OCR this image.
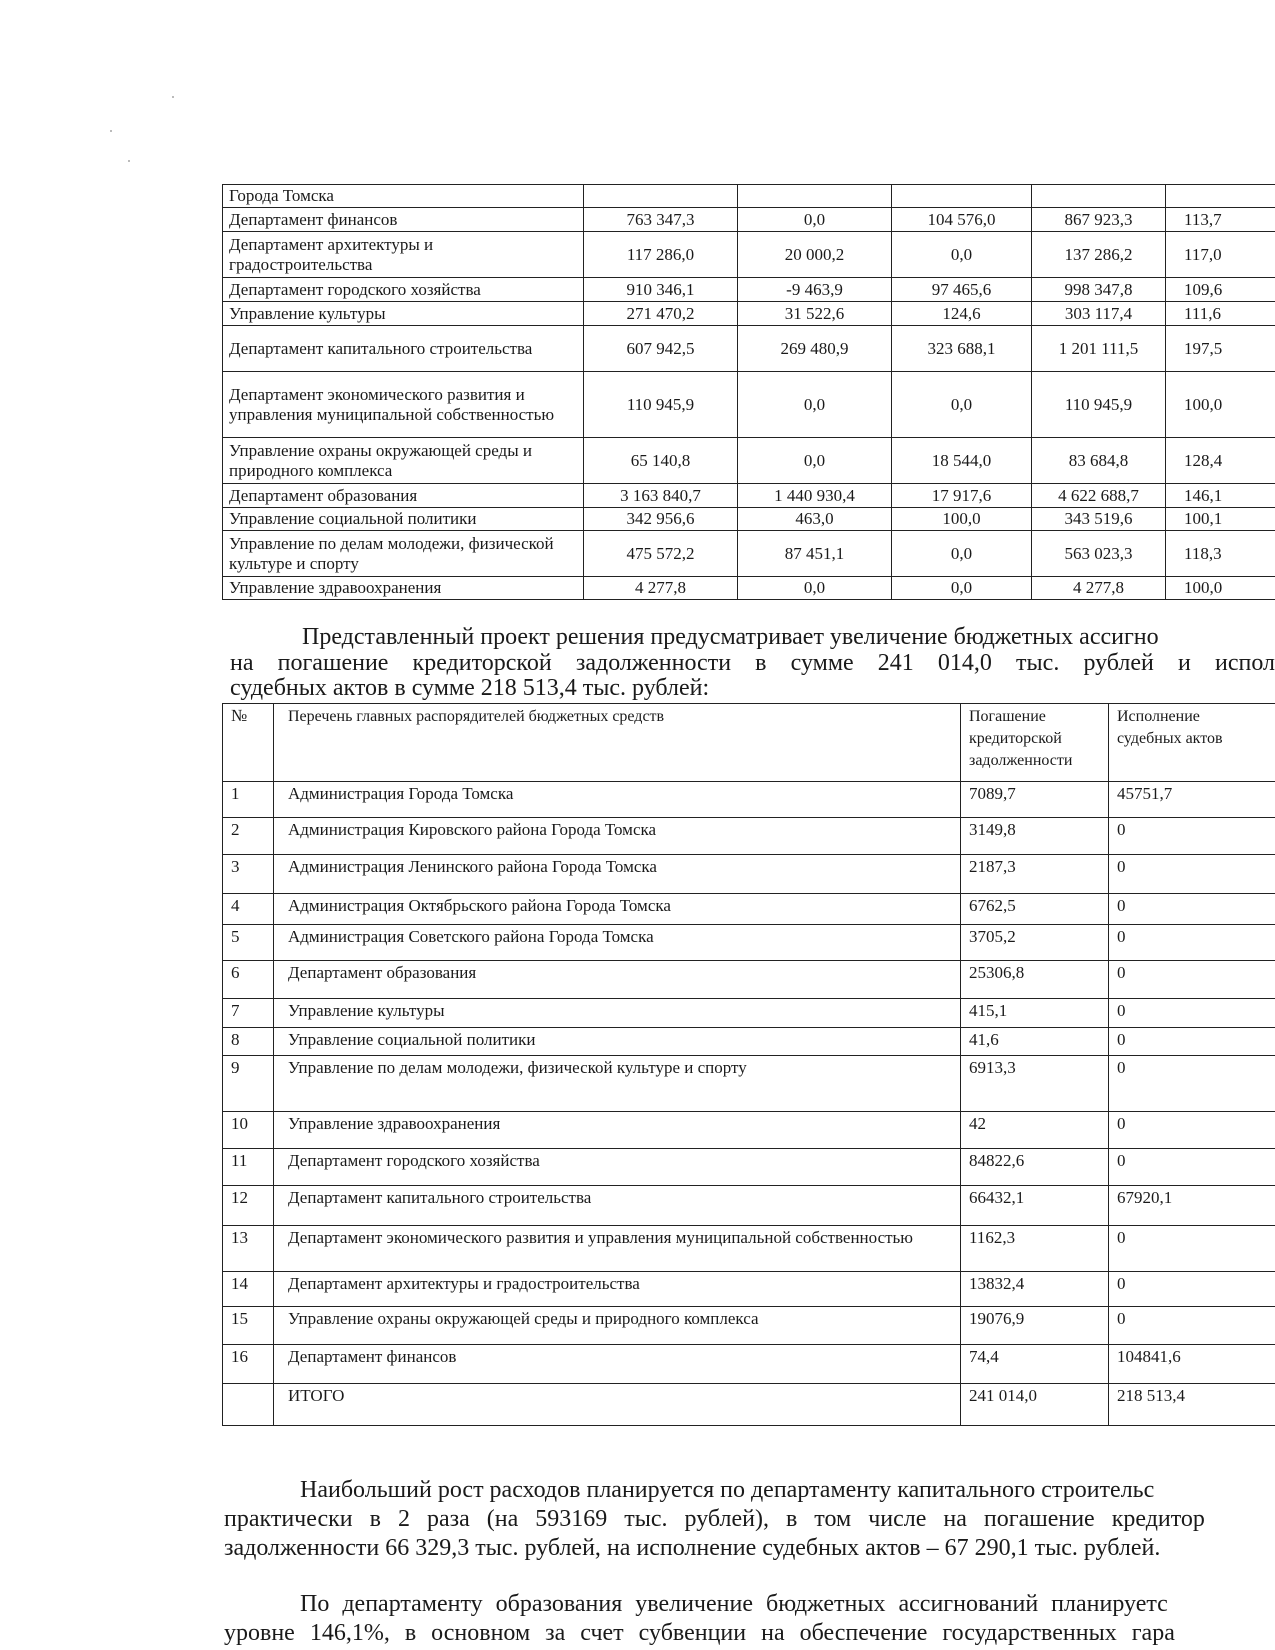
Города Томска					
Департамент финансов	763 347,3	0,0	104 576,0	867 923,3	113,7
Департамент архитектуры и градостроительства	117 286,0	20 000,2	0,0	137 286,2	117,0
Департамент городского хозяйства	910 346,1	-9 463,9	97 465,6	998 347,8	109,6
Управление культуры	271 470,2	31 522,6	124,6	303 117,4	111,6
Департамент капитального строительства	607 942,5	269 480,9	323 688,1	1 201 111,5	197,5
Департамент экономического развития и управления муниципальной собственностью	110 945,9	0,0	0,0	110 945,9	100,0
Управление охраны окружающей среды и природного комплекса	65 140,8	0,0	18 544,0	83 684,8	128,4
Департамент образования	3 163 840,7	1 440 930,4	17 917,6	4 622 688,7	146,1
Управление социальной политики	342 956,6	463,0	100,0	343 519,6	100,1
Управление по делам молодежи, физической культуре и спорту	475 572,2	87 451,1	0,0	563 023,3	118,3
Управление здравоохранения	4 277,8	0,0	0,0	4 277,8	100,0
Представленный проект решения предусматривает увеличение бюджетных ассигно
на погашение кредиторской задолженности в сумме 241 014,0 тыс. рублей и испол
судебных актов в сумме 218 513,4 тыс. рублей:
№	Перечень главных распорядителей бюджетных средств	Погашение кредиторской задолженности	Исполнение судебных актов
1	Администрация Города Томска	7089,7	45751,7
2	Администрация Кировского района Города Томска	3149,8	0
3	Администрация Ленинского района Города Томска	2187,3	0
4	Администрация Октябрьского района Города Томска	6762,5	0
5	Администрация Советского района Города Томска	3705,2	0
6	Департамент образования	25306,8	0
7	Управление культуры	415,1	0
8	Управление социальной политики	41,6	0
9	Управление по делам молодежи, физической культуре и спорту	6913,3	0
10	Управление здравоохранения	42	0
11	Департамент городского хозяйства	84822,6	0
12	Департамент капитального строительства	66432,1	67920,1
13	Департамент экономического развития и управления муниципальной собственностью	1162,3	0
14	Департамент архитектуры и градостроительства	13832,4	0
15	Управление охраны окружающей среды и природного комплекса	19076,9	0
16	Департамент финансов	74,4	104841,6
	ИТОГО	241 014,0	218 513,4
Наибольший рост расходов планируется по департаменту капитального строительс
практически в 2 раза (на 593169 тыс. рублей), в том числе на погашение кредитор
задолженности 66 329,3 тыс. рублей, на исполнение судебных актов – 67 290,1 тыс. рублей.
По департаменту образования увеличение бюджетных ассигнований планируетс
уровне 146,1%, в основном за счет субвенции на обеспечение государственных гара
